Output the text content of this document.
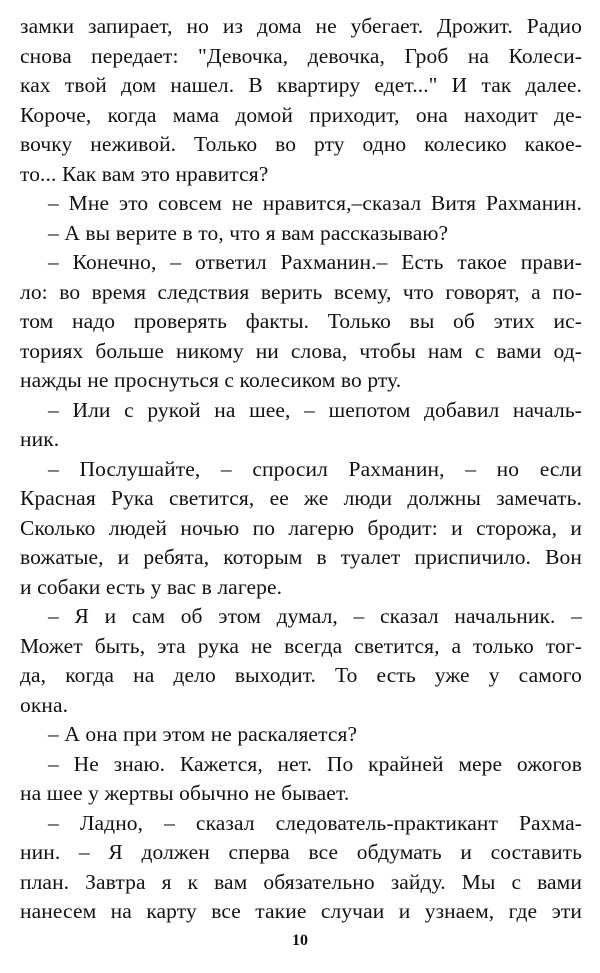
замки запирает, но из дома не убегает. Дрожит. Радио
снова передает: "Девочка, девочка, Гроб на Колеси-
ках твой дом нашел. В квартиру едет..." И так далее.
Короче, когда мама домой приходит, она находит де-
вочку неживой. Только во рту одно колесико какое-
то... Как вам это нравится?
– Мне это совсем не нравится,–сказал Витя Рахманин.
– А вы верите в то, что я вам рассказываю?
– Конечно, – ответил Рахманин.– Есть такое прави-
ло: во время следствия верить всему, что говорят, а по-
том надо проверять факты. Только вы об этих ис-
ториях больше никому ни слова, чтобы нам с вами од-
нажды не проснуться с колесиком во рту.
– Или с рукой на шее, – шепотом добавил началь-
ник.
– Послушайте, – спросил Рахманин, – но если
Красная Рука светится, ее же люди должны замечать.
Сколько людей ночью по лагерю бродит: и сторожа, и
вожатые, и ребята, которым в туалет приспичило. Вон
и собаки есть у вас в лагере.
– Я и сам об этом думал, – сказал начальник. –
Может быть, эта рука не всегда светится, а только тог-
да, когда на дело выходит. То есть уже у самого
окна.
– А она при этом не раскаляется?
– Не знаю. Кажется, нет. По крайней мере ожогов
на шее у жертвы обычно не бывает.
– Ладно, – сказал следователь-практикант Рахма-
нин. – Я должен сперва все обдумать и составить
план. Завтра я к вам обязательно зайду. Мы с вами
нанесем на карту все такие случаи и узнаем, где эти
10
